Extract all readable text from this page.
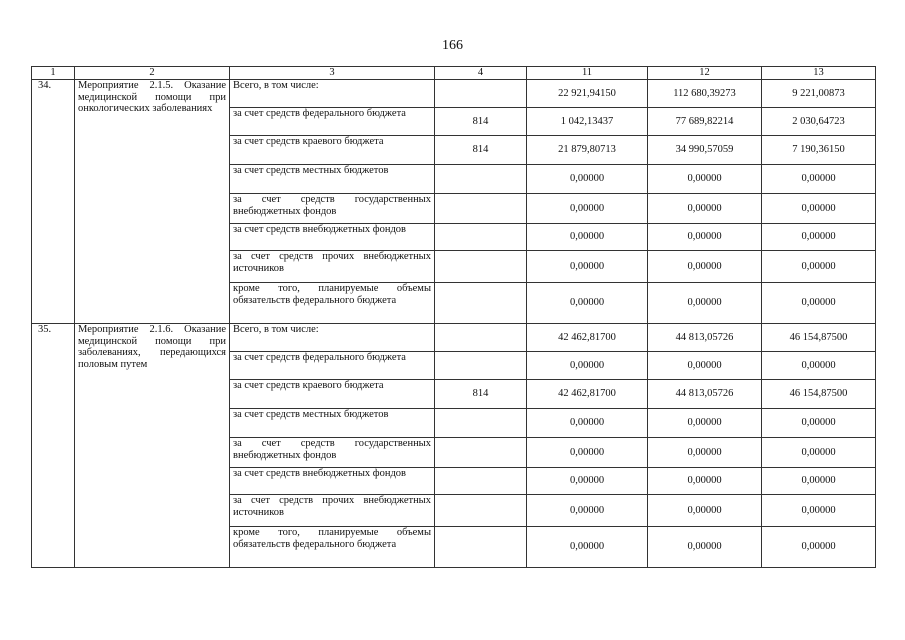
166
1	2	3	4	11	12	13
34.	Мероприятие 2.1.5. Оказание медицинской помощи при онкологических заболеваниях	Всего, в том числе:		22 921,94150	112 680,39273	9 221,00873
		за счет средств федерального бюджета	814	1 042,13437	77 689,82214	2 030,64723
		за счет средств краевого бюджета	814	21 879,80713	34 990,57059	7 190,36150
		за счет средств местных бюджетов		0,00000	0,00000	0,00000
		за счет средств государственных внебюджетных фондов		0,00000	0,00000	0,00000
		за счет средств внебюджетных фондов		0,00000	0,00000	0,00000
		за счет средств прочих внебюджетных источников		0,00000	0,00000	0,00000
		кроме того, планируемые объемы обязательств федерального бюджета		0,00000	0,00000	0,00000
35.	Мероприятие 2.1.6. Оказание медицинской помощи при заболеваниях, передающихся половым путем	Всего, в том числе:		42 462,81700	44 813,05726	46 154,87500
		за счет средств федерального бюджета		0,00000	0,00000	0,00000
		за счет средств краевого бюджета	814	42 462,81700	44 813,05726	46 154,87500
		за счет средств местных бюджетов		0,00000	0,00000	0,00000
		за счет средств государственных внебюджетных фондов		0,00000	0,00000	0,00000
		за счет средств внебюджетных фондов		0,00000	0,00000	0,00000
		за счет средств прочих внебюджетных источников		0,00000	0,00000	0,00000
		кроме того, планируемые объемы обязательств федерального бюджета		0,00000	0,00000	0,00000
